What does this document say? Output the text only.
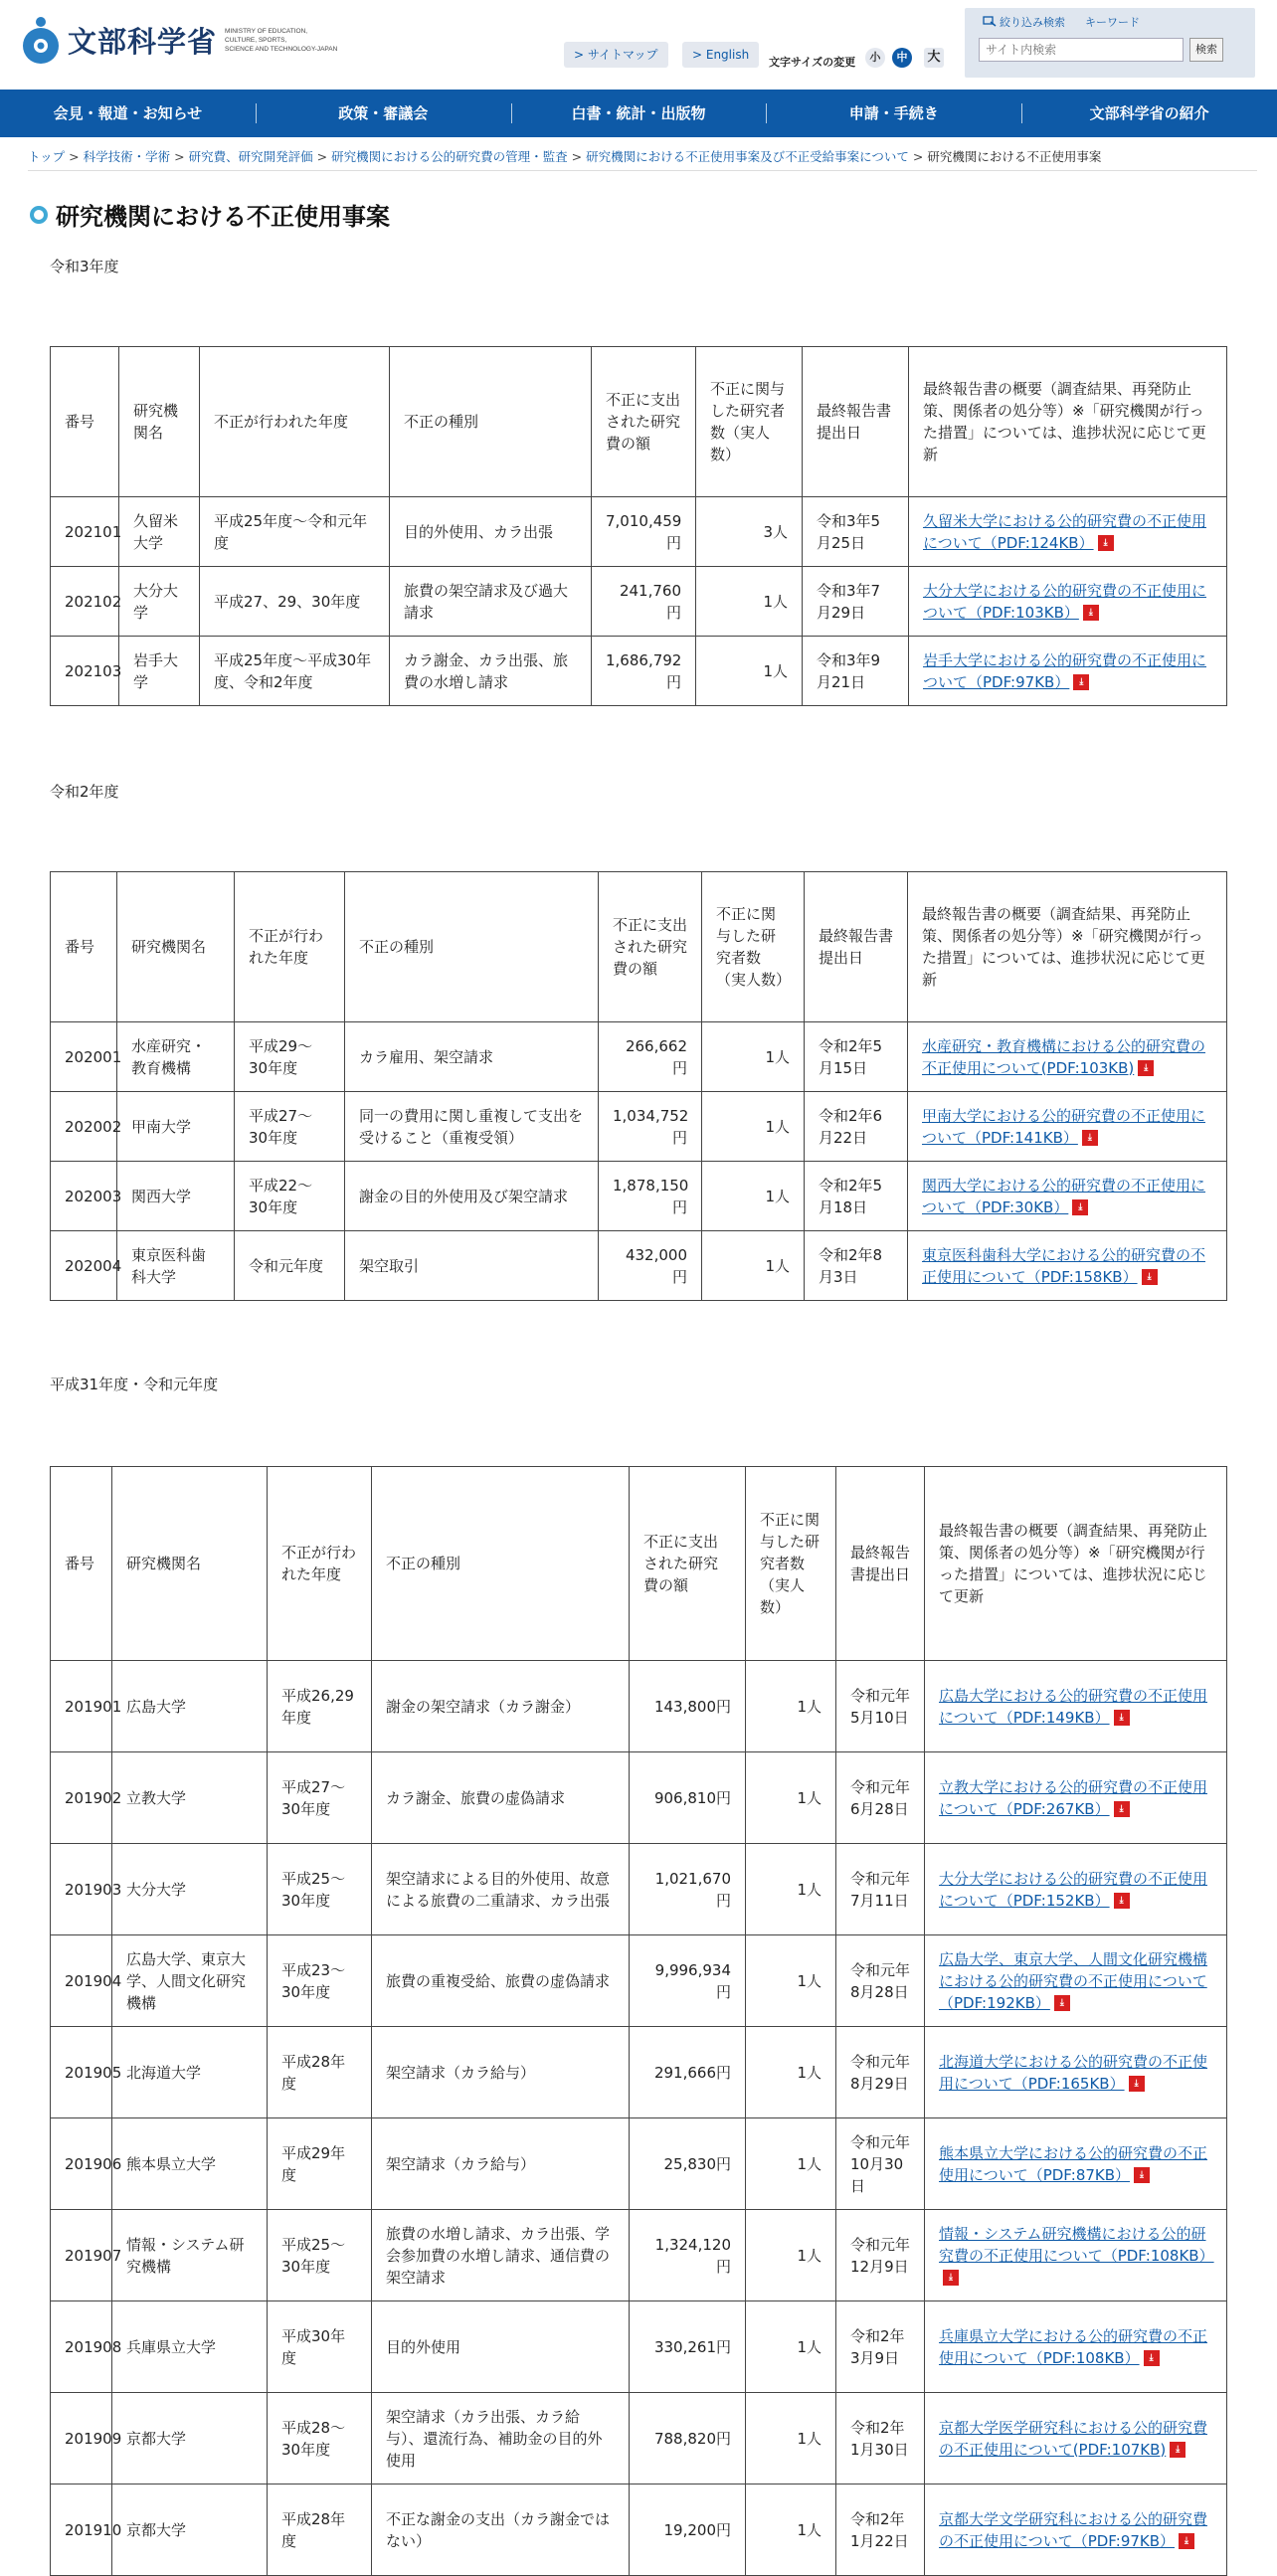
文部科学省 MINISTRY OF EDUCATION,
CULTURE, SPORTS,
SCIENCE AND TECHNOLOGY-JAPAN	> サイトマップ	> English
文字サイズの変更	小	中	大
絞り込み検索 キーワード
サイト内検索
検索
会見・報道・お知らせ	政策・審議会	白書・統計・出版物	申請・手続き	文部科学省の紹介
トップ > 科学技術・学術 > 研究費、研究開発評価 > 研究機関における公的研究費の管理・監査 > 研究機関における不正使用事案及び不正受給事案について > 研究機関における不正使用事案
研究機関における不正使用事案
令和3年度
令和2年度
平成31年度・令和元年度
番号	研究機関名	不正が行われた年度	不正の種別	不正に支出された研究費の額	不正に関与した研究者数（実人数）	最終報告書提出日	最終報告書の概要（調査結果、再発防止策、関係者の処分等）※「研究機関が行った措置」については、進捗状況に応じて更新
202101	久留米大学	平成25年度～令和元年度	目的外使用、カラ出張	7,010,459円	3人	令和3年5月25日	久留米大学における公的研究費の不正使用について（PDF:124KB） ⤓
202102	大分大学	平成27、29、30年度	旅費の架空請求及び過大請求	241,760円	1人	令和3年7月29日	大分大学における公的研究費の不正使用について（PDF:103KB） ⤓
202103	岩手大学	平成25年度～平成30年度、令和2年度	カラ謝金、カラ出張、旅費の水増し請求	1,686,792円	1人	令和3年9月21日	岩手大学における公的研究費の不正使用について（PDF:97KB） ⤓
番号	研究機関名	不正が行われた年度	不正の種別	不正に支出された研究費の額	不正に関与した研究者数（実人数）	最終報告書提出日	最終報告書の概要（調査結果、再発防止策、関係者の処分等）※「研究機関が行った措置」については、進捗状況に応じて更新
202001	水産研究・教育機構	平成29～30年度	カラ雇用、架空請求	266,662円	1人	令和2年5月15日	水産研究・教育機構における公的研究費の不正使用について(PDF:103KB) ⤓
202002	甲南大学	平成27～30年度	同一の費用に関し重複して支出を受けること（重複受領）	1,034,752円	1人	令和2年6月22日	甲南大学における公的研究費の不正使用について（PDF:141KB） ⤓
202003	関西大学	平成22～30年度	謝金の目的外使用及び架空請求	1,878,150円	1人	令和2年5月18日	関西大学における公的研究費の不正使用について（PDF:30KB） ⤓
202004	東京医科歯科大学	令和元年度	架空取引	432,000円	1人	令和2年8月3日	東京医科歯科大学における公的研究費の不正使用について（PDF:158KB） ⤓
番号	研究機関名	不正が行われた年度	不正の種別	不正に支出された研究費の額	不正に関与した研究者数（実人数）	最終報告書提出日	最終報告書の概要（調査結果、再発防止策、関係者の処分等）※「研究機関が行った措置」については、進捗状況に応じて更新
201901	広島大学	平成26,29年度	謝金の架空請求（カラ謝金）	143,800円	1人	令和元年5月10日	広島大学における公的研究費の不正使用について（PDF:149KB） ⤓
201902	立教大学	平成27～30年度	カラ謝金、旅費の虚偽請求	906,810円	1人	令和元年6月28日	立教大学における公的研究費の不正使用について（PDF:267KB） ⤓
201903	大分大学	平成25～30年度	架空請求による目的外使用、故意による旅費の二重請求、カラ出張	1,021,670円	1人	令和元年7月11日	大分大学における公的研究費の不正使用について（PDF:152KB） ⤓
201904	広島大学、東京大学、人間文化研究機構	平成23～30年度	旅費の重複受給、旅費の虚偽請求	9,996,934円	1人	令和元年8月28日	広島大学、東京大学、人間文化研究機構における公的研究費の不正使用について（PDF:192KB） ⤓
201905	北海道大学	平成28年度	架空請求（カラ給与）	291,666円	1人	令和元年8月29日	北海道大学における公的研究費の不正使用について（PDF:165KB） ⤓
201906	熊本県立大学	平成29年度	架空請求（カラ給与）	25,830円	1人	令和元年10月30日	熊本県立大学における公的研究費の不正使用について（PDF:87KB） ⤓
201907	情報・システム研究機構	平成25～30年度	旅費の水増し請求、カラ出張、学会参加費の水増し請求、通信費の架空請求	1,324,120円	1人	令和元年12月9日	情報・システム研究機構における公的研究費の不正使用について（PDF:108KB）⤓
201908	兵庫県立大学	平成30年度	目的外使用	330,261円	1人	令和2年3月9日	兵庫県立大学における公的研究費の不正使用について（PDF:108KB） ⤓
201909	京都大学	平成28～30年度	架空請求（カラ出張、カラ給与）、還流行為、補助金の目的外使用	788,820円	1人	令和2年1月30日	京都大学医学研究科における公的研究費の不正使用について(PDF:107KB) ⤓
201910	京都大学	平成28年度	不正な謝金の支出（カラ謝金ではない）	19,200円	1人	令和2年1月22日	京都大学文学研究科における公的研究費の不正使用について（PDF:97KB） ⤓
